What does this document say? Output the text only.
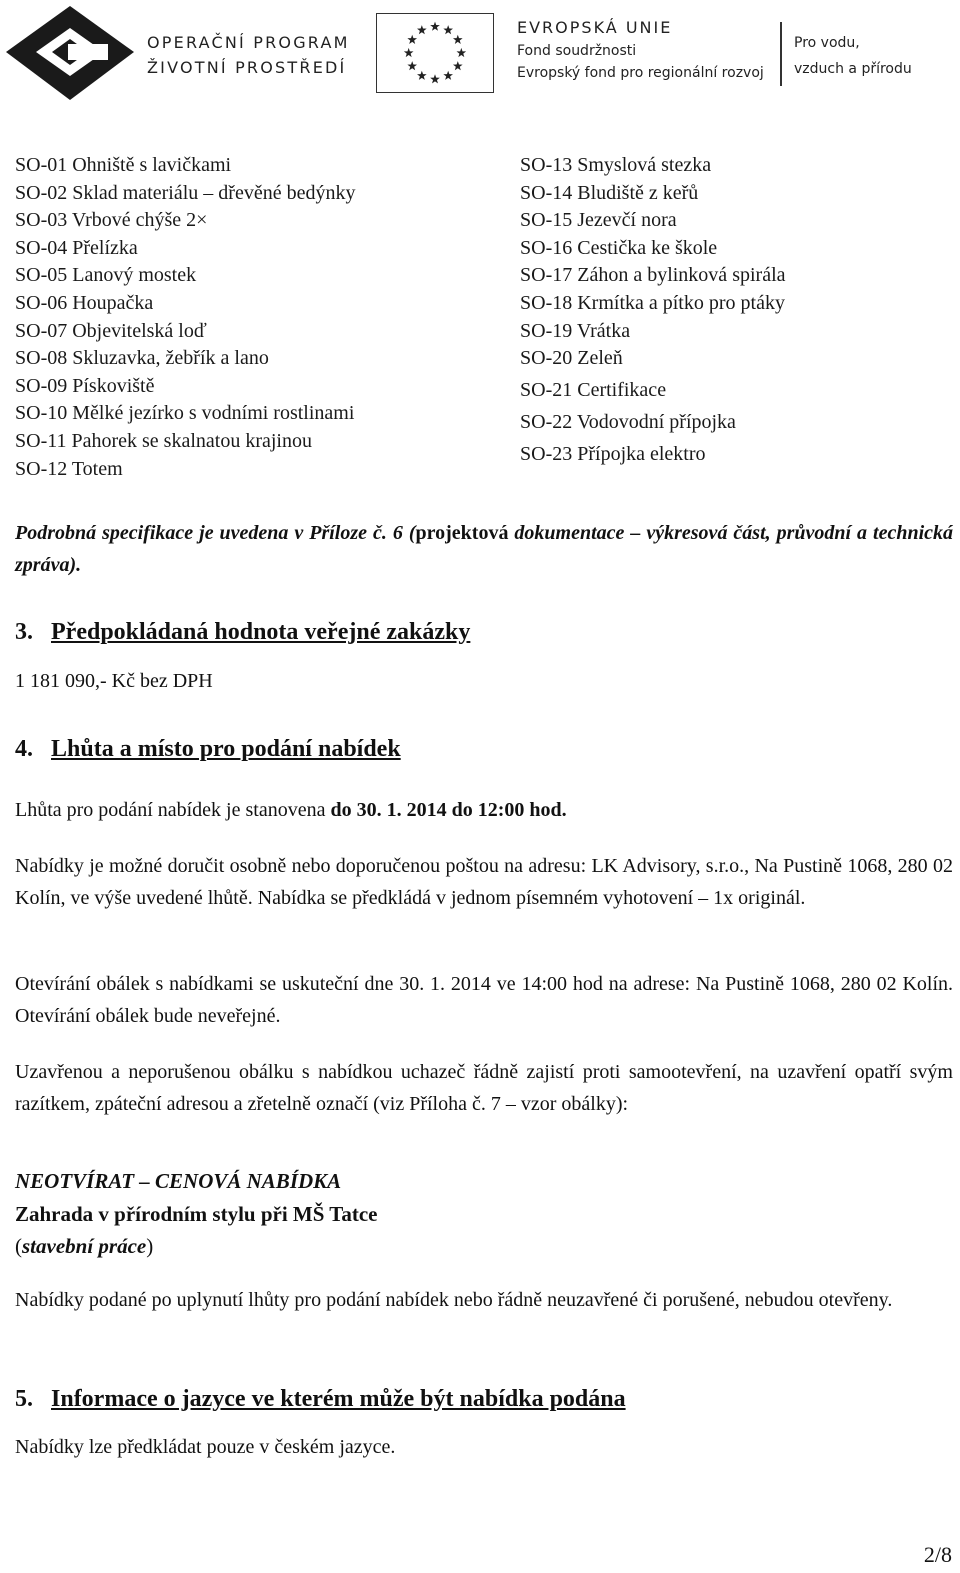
OPERAČNÍ PROGRAM
ŽIVOTNÍ PROSTŘEDÍ
EVROPSKÁ UNIE
Fond soudržnosti
Evropský fond pro regionální rozvoj
Pro vodu,
vzduch a přírodu
SO-01 Ohniště s lavičkami
SO-02 Sklad materiálu – dřevěné bedýnky
SO-03 Vrbové chýše 2×
SO-04 Přelízka
SO-05 Lanový mostek
SO-06 Houpačka
SO-07 Objevitelská loď
SO-08 Skluzavka, žebřík a lano
SO-09 Pískoviště
SO-10 Mělké jezírko s vodními rostlinami
SO-11 Pahorek se skalnatou krajinou
SO-12 Totem
SO-13 Smyslová stezka
SO-14 Bludiště z keřů
SO-15 Jezevčí nora
SO-16 Cestička ke škole
SO-17 Záhon a bylinková spirála
SO-18 Krmítka a pítko pro ptáky
SO-19 Vrátka
SO-20 Zeleň
SO-21 Certifikace
SO-22 Vodovodní přípojka
SO-23 Přípojka elektro

Podrobná specifikace je uvedena v Příloze č. 6 (projektová dokumentace – výkresová část, průvodní a technická zpráva).

3. Předpokládaná hodnota veřejné zakázky

1 181 090,- Kč bez DPH

4. Lhůta a místo pro podání nabídek

Lhůta pro podání nabídek je stanovena do 30. 1. 2014 do 12:00 hod.

Nabídky je možné doručit osobně nebo doporučenou poštou na adresu: LK Advisory, s.r.o., Na Pustině 1068, 280 02 Kolín, ve výše uvedené lhůtě. Nabídka se předkládá v jednom písemném vyhotovení – 1x originál.

Otevírání obálek s nabídkami se uskuteční dne 30. 1. 2014 ve 14:00 hod na adrese: Na Pustině 1068, 280 02 Kolín. Otevírání obálek bude neveřejné.

Uzavřenou a neporušenou obálku s nabídkou uchazeč řádně zajistí proti samootevření, na uzavření opatří svým razítkem, zpáteční adresou a zřetelně označí (viz Příloha č. 7 – vzor obálky):

NEOTVÍRAT – CENOVÁ NABÍDKA
Zahrada v přírodním stylu při MŠ Tatce
(stavební práce)

Nabídky podané po uplynutí lhůty pro podání nabídek nebo řádně neuzavřené či porušené, nebudou otevřeny.

5. Informace o jazyce ve kterém může být nabídka podána

Nabídky lze předkládat pouze v českém jazyce.

2/8
